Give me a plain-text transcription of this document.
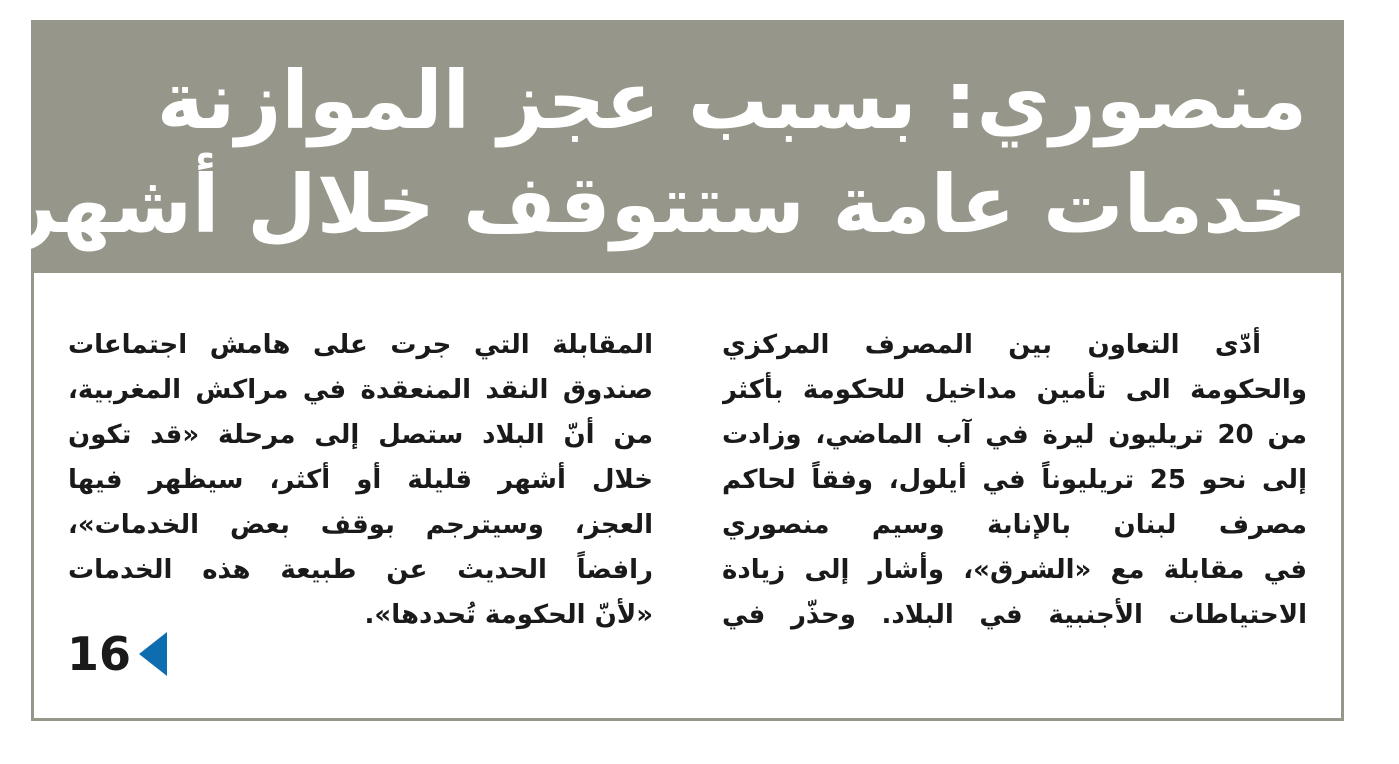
منصوري: بسبب عجز الموازنة
خدمات عامة ستتوقف خلال أشهر
أدّى التعاون بين المصرف المركزي
والحكومة الى تأمين مداخيل للحكومة بأكثر
من 20 تريليون ليرة في آب الماضي، وزادت
إلى نحو 25 تريليوناً في أيلول، وفقاً لحاكم
مصرف لبنان بالإنابة وسيم منصوري
في مقابلة مع «الشرق»، وأشار إلى زيادة
الاحتياطات الأجنبية في البلاد. وحذّر في
المقابلة التي جرت على هامش اجتماعات
صندوق النقد المنعقدة في مراكش المغربية،
من أنّ البلاد ستصل إلى مرحلة «قد تكون
خلال أشهر قليلة أو أكثر، سيظهر فيها
العجز، وسيترجم بوقف بعض الخدمات»،
رافضاً الحديث عن طبيعة هذه الخدمات
«لأنّ الحكومة تُحددها».
16
